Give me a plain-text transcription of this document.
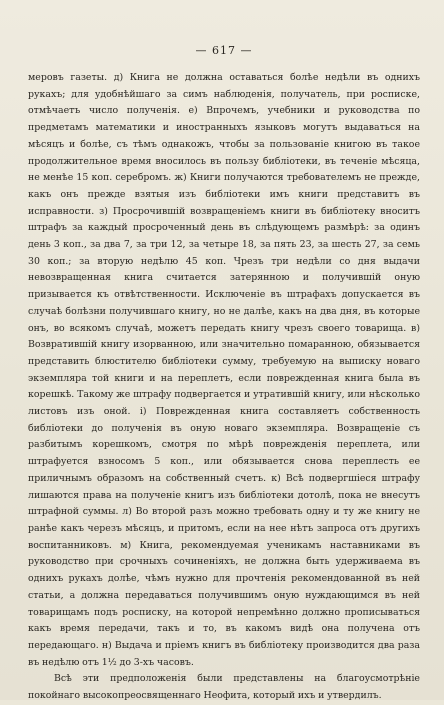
— 617 —

меровъ газеты. д) Книга не должна оставаться болѣе недѣли въ однихъ рукахъ; для удобнѣйшаго за симъ наблюденія, получатель, при росписке, отмѣчаетъ число полученія. е) Впрочемъ, учебники и руководства по предметамъ математики и иностранныхъ языковъ могутъ выдаваться на мѣсяцъ и болѣе, съ тѣмъ однакожъ, чтобы за пользованіе книгою въ такое продолжительное время вносилось въ пользу библіотеки, въ теченіе мѣсяца, не менѣе 15 коп. серебромъ. ж) Книги получаются требователемъ не прежде, какъ онъ прежде взятыя изъ библіотеки имъ книги представитъ въ исправности. з) Просрочившій возвращеніемъ книги въ библіотеку вноситъ штрафъ за каждый просроченный день въ слѣдующемъ размѣрѣ: за одинъ день 3 коп., за два 7, за три 12, за четыре 18, за пять 23, за шесть 27, за семь 30 коп.; за вторую недѣлю 45 коп. Чрезъ три недѣли со дня выдачи невозвращенная книга считается затерянною и получившій оную призывается къ отвѣтственности. Исключеніе въ штрафахъ допускается въ случаѣ болѣзни получившаго книгу, но не далѣе, какъ на два дня, въ которые онъ, во всякомъ случаѣ, можетъ передать книгу чрезъ своего товарища. в) Возвратившій книгу изорванною, или значительно помаранною, обязывается представить блюстителю библіотеки сумму, требуемую на выписку новаго экземпляра той книги и на переплетъ, если поврежденная книга была въ корешкѣ. Такому же штрафу подвергается и утратившій книгу, или нѣсколько листовъ изъ оной. і) Поврежденная книга составляетъ собственность библіотеки до полученія въ оную новаго экземпляра. Возвращеніе съ разбитымъ корешкомъ, смотря по мѣрѣ поврежденія переплета, или штрафуется взносомъ 5 коп., или обязывается снова переплесть ее приличнымъ образомъ на собственный счетъ. к) Всѣ подвергшіеся штрафу лишаются права на полученіе книгъ изъ библіотеки дотолѣ, пока не внесутъ штрафной суммы. л) Во второй разъ можно требовать одну и ту же книгу не ранѣе какъ черезъ мѣсяцъ, и притомъ, если на нее нѣтъ запроса отъ другихъ воспитанниковъ. м) Книга, рекомендуемая ученикамъ наставниками въ руководство при срочныхъ сочиненіяхъ, не должна быть удерживаема въ однихъ рукахъ долѣе, чѣмъ нужно для прочтенія рекомендованной въ ней статьи, а должна передаваться получившимъ оную нуждающимся въ ней товарищамъ подъ росписку, на которой непремѣнно должно прописываться какъ время передачи, такъ и то, въ какомъ видѣ она получена отъ передающаго. н) Выдача и пріемъ книгъ въ библіотеку производится два раза въ недѣлю отъ 1½ до 3-хъ часовъ.

Всѣ эти предположенія были представлены на благоусмотрѣніе покойнаго высокопреосвященнаго Неофита, который ихъ и утвердилъ.
